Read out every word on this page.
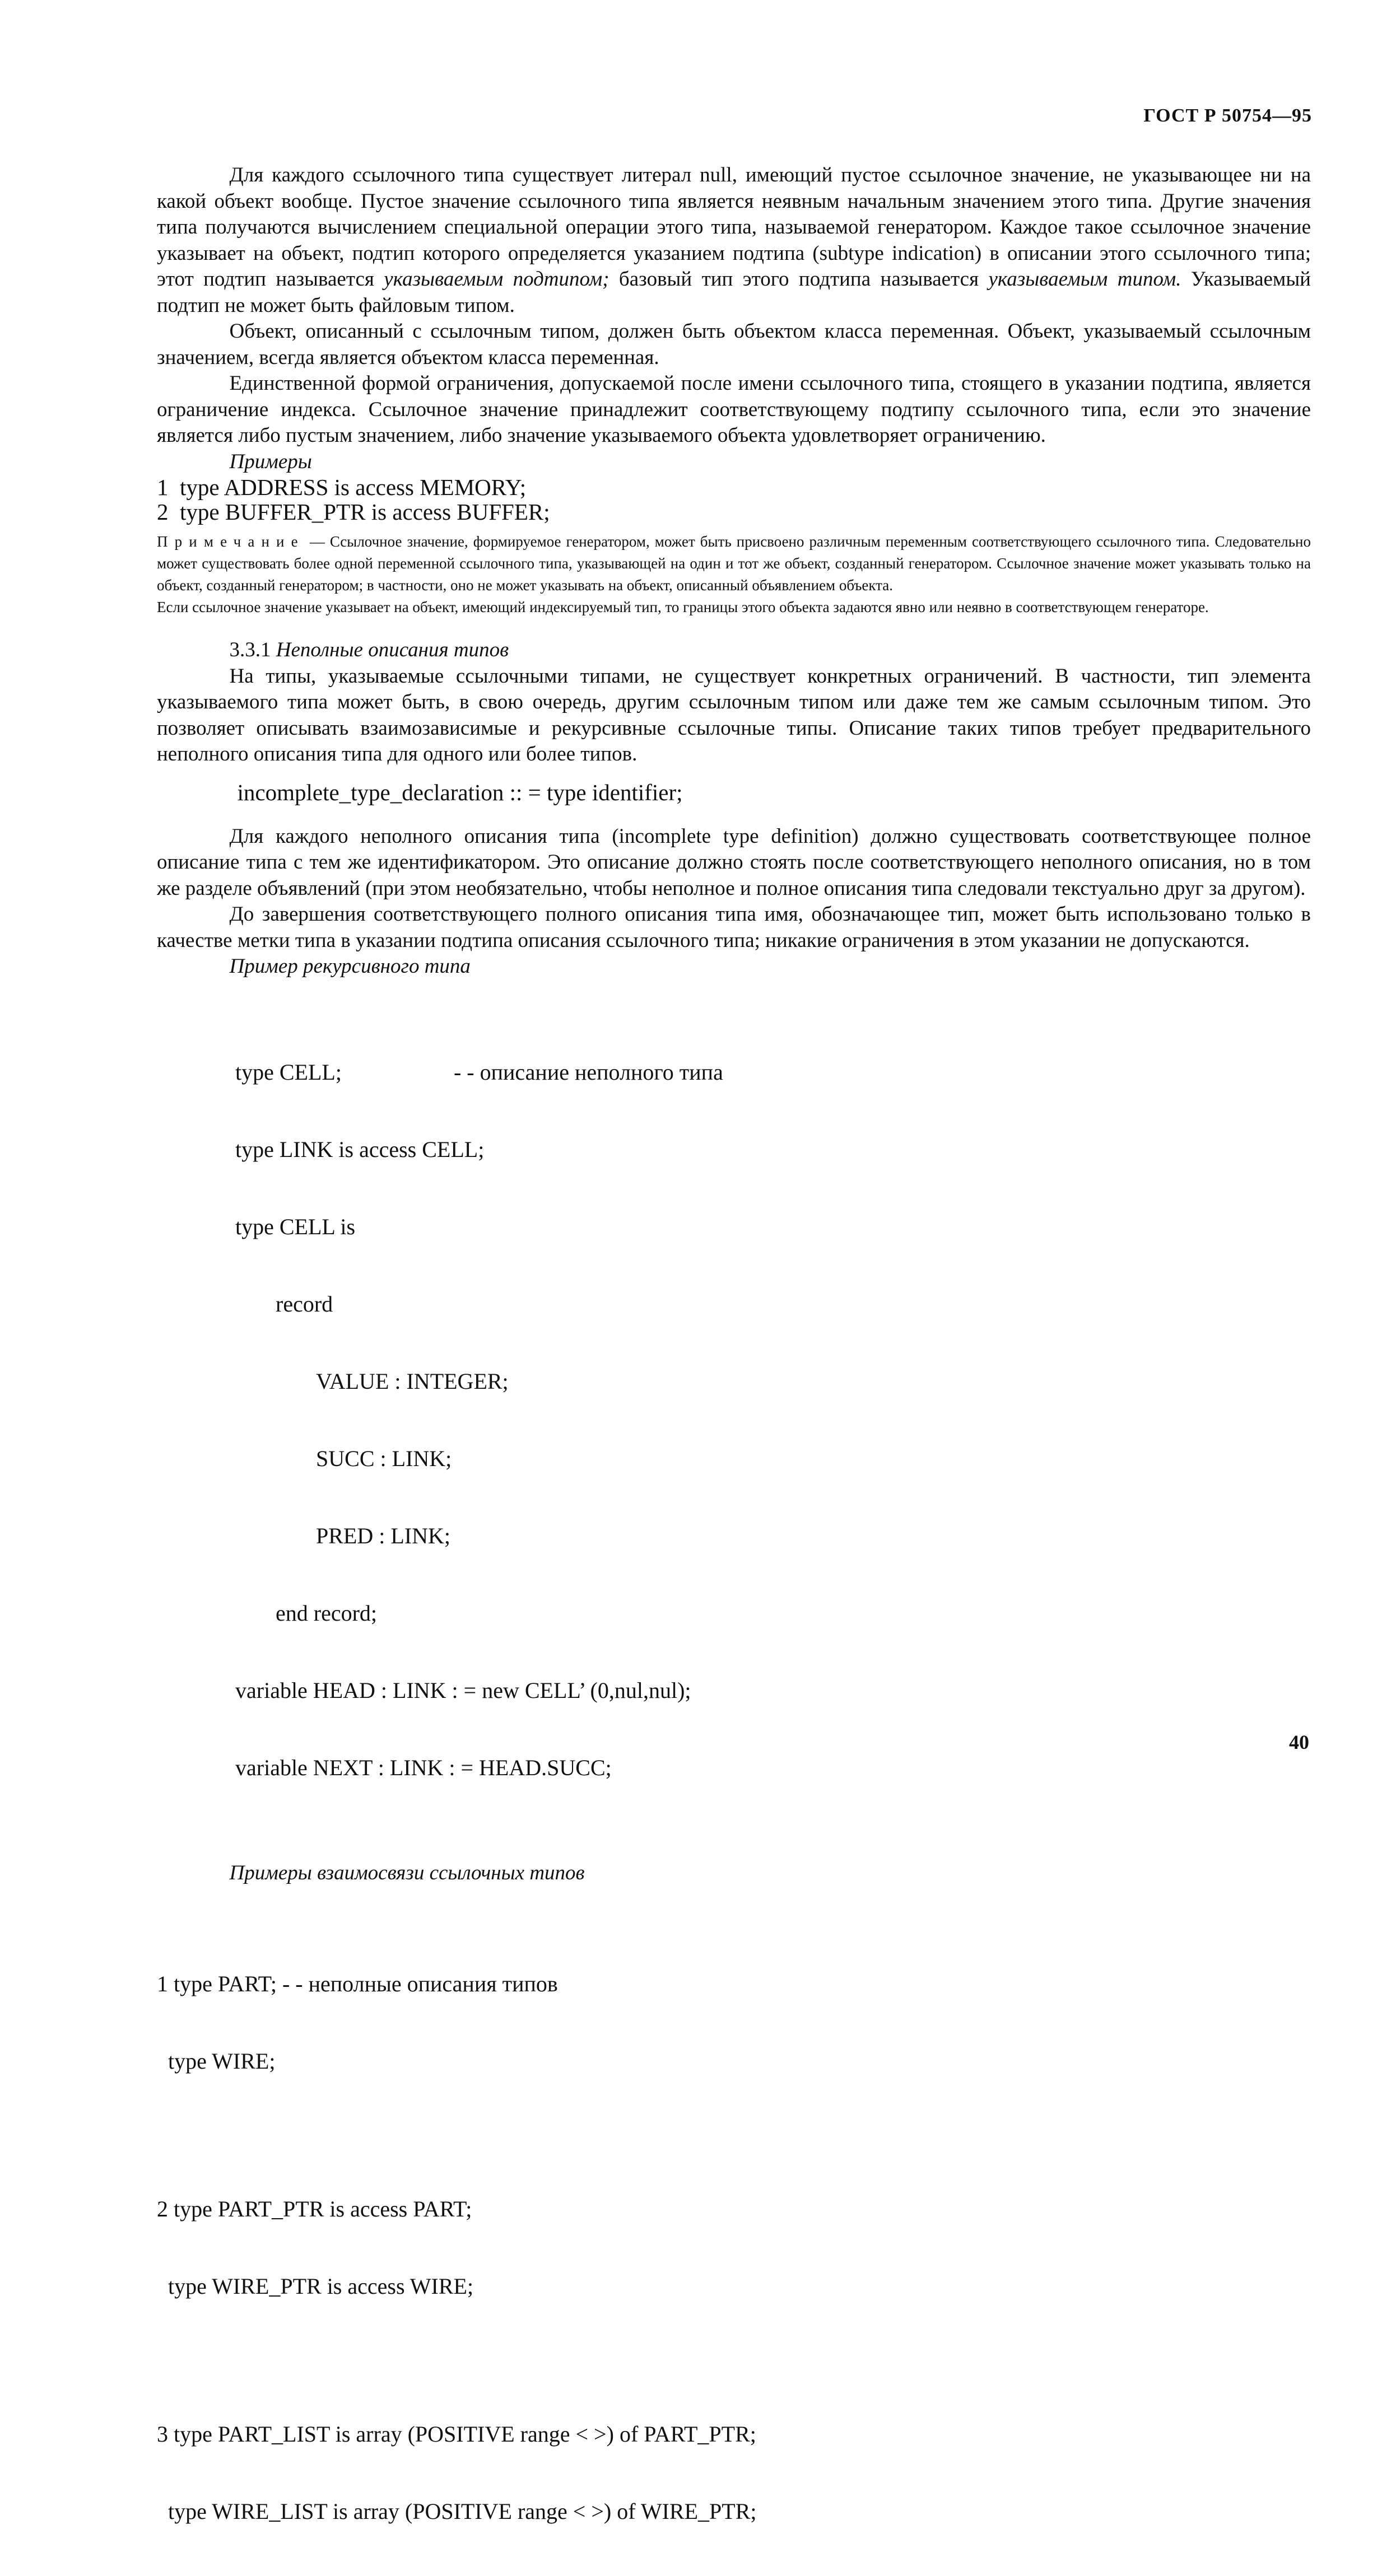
ГОСТ Р 50754—95

Для каждого ссылочного типа существует литерал null, имеющий пустое ссылочное значение, не указывающее ни на какой объект вообще. Пустое значение ссылочного типа является неявным начальным значением этого типа. Другие значения типа получаются вычислением специальной операции этого типа, называемой генератором. Каждое такое ссылочное значение указывает на объект, подтип которого определяется указанием подтипа (subtype indication) в описании этого ссылочного типа; этот подтип называется указываемым подтипом; базовый тип этого подтипа называется указываемым типом. Указываемый подтип не может быть файловым типом.

Объект, описанный с ссылочным типом, должен быть объектом класса переменная. Объект, указываемый ссылочным значением, всегда является объектом класса переменная.

Единственной формой ограничения, допускаемой после имени ссылочного типа, стоящего в указании подтипа, является ограничение индекса. Ссылочное значение принадлежит соответствующему подтипу ссылочного типа, если это значение является либо пустым значением, либо значение указываемого объекта удовлетворяет ограничению.

Примеры

1  type ADDRESS is access MEMORY;

2  type BUFFER_PTR is access BUFFER;

Примечание — Ссылочное значение, формируемое генератором, может быть присвоено различным переменным соответствующего ссылочного типа. Следовательно может существовать более одной переменной ссылочного типа, указывающей на один и тот же объект, созданный генератором. Ссылочное значение может указывать только на объект, созданный генератором; в частности, оно не может указывать на объект, описанный объявлением объекта.

Если ссылочное значение указывает на объект, имеющий индексируемый тип, то границы этого объекта задаются явно или неявно в соответствующем генераторе.

3.3.1 Неполные описания типов

На типы, указываемые ссылочными типами, не существует конкретных ограничений. В частности, тип элемента указываемого типа может быть, в свою очередь, другим ссылочным типом или даже тем же самым ссылочным типом. Это позволяет описывать взаимозависимые и рекурсивные ссылочные типы. Описание таких типов требует предварительного неполного описания типа для одного или более типов.

incomplete_type_declaration :: = type identifier;

Для каждого неполного описания типа (incomplete type definition) должно существовать соответствующее полное описание типа с тем же идентификатором. Это описание должно стоять после соответствующего неполного описания, но в том же разделе объявлений (при этом необязательно, чтобы неполное и полное описания типа следовали текстуально друг за другом).

До завершения соответствующего полного описания типа имя, обозначающее тип, может быть использовано только в качестве метки типа в указании подтипа описания ссылочного типа; никакие ограничения в этом указании не допускаются.

Пример рекурсивного типа

type CELL;                    - - описание неполного типа

type LINK is access CELL;

type CELL is

record

VALUE : INTEGER;

SUCC : LINK;

PRED : LINK;

end record;

variable HEAD : LINK : = new CELL’ (0,nul,nul);

variable NEXT : LINK : = HEAD.SUCC;

Примеры взаимосвязи ссылочных типов

1 type PART; - - неполные описания типов

type WIRE;

2 type PART_PTR is access PART;

type WIRE_PTR is access WIRE;

3 type PART_LIST is array (POSITIVE range < >) of PART_PTR;

type WIRE_LIST is array (POSITIVE range < >) of WIRE_PTR;

40
